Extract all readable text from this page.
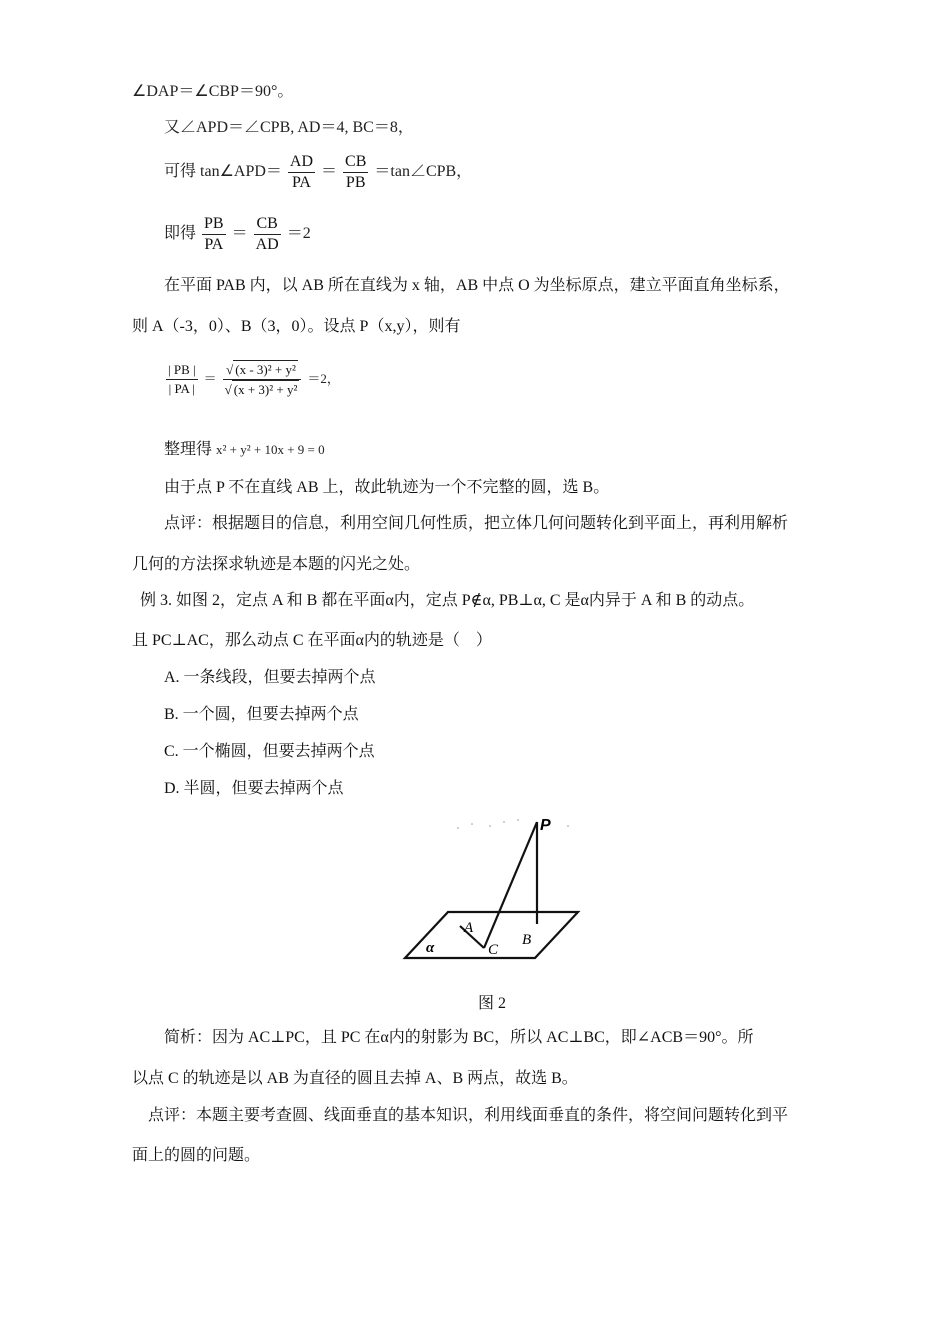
∠DAP＝∠CBP＝90°。
又∠APD＝∠CPB, AD＝4, BC＝8，
可得 tan∠APD＝ $\frac{AD}{PA} = \frac{CB}{PB}$ ＝tan∠CPB，
即得 $\frac{PB}{PA} = \frac{CB}{AD} =2$
在平面 PAB 内，以 AB 所在直线为 x 轴，AB 中点 O 为坐标原点，建立平面直角坐标系，
则 A（-3，0）、B（3，0）。设点 P（x,y），则有
$\frac{| PB |}{| PA |} = \frac{\text{√ (x - 3)² + y²}}{\text{√ (x + 3)² + y²}} =2$，
整理得 x² + y² + 10x + 9 = 0
由于点 P 不在直线 AB 上，故此轨迹为一个不完整的圆，选 B。
点评：根据题目的信息，利用空间几何性质，把立体几何问题转化到平面上，再利用解析
几何的方法探求轨迹是本题的闪光之处。
例 3. 如图 2，定点 A 和 B 都在平面α内，定点 P∉α, PB⊥α, C 是α内异于 A 和 B 的动点。
且 PC⊥AC，那么动点 C 在平面α内的轨迹是（　）
A. 一条线段，但要去掉两个点
B. 一个圆，但要去掉两个点
C. 一个椭圆，但要去掉两个点
D. 半圆，但要去掉两个点
P
A
C
B
α
图 2
简析：因为 AC⊥PC，且 PC 在α内的射影为 BC，所以 AC⊥BC，即∠ACB＝90°。所
以点 C 的轨迹是以 AB 为直径的圆且去掉 A、B 两点，故选 B。
点评：本题主要考查圆、线面垂直的基本知识，利用线面垂直的条件，将空间问题转化到平
面上的圆的问题。
